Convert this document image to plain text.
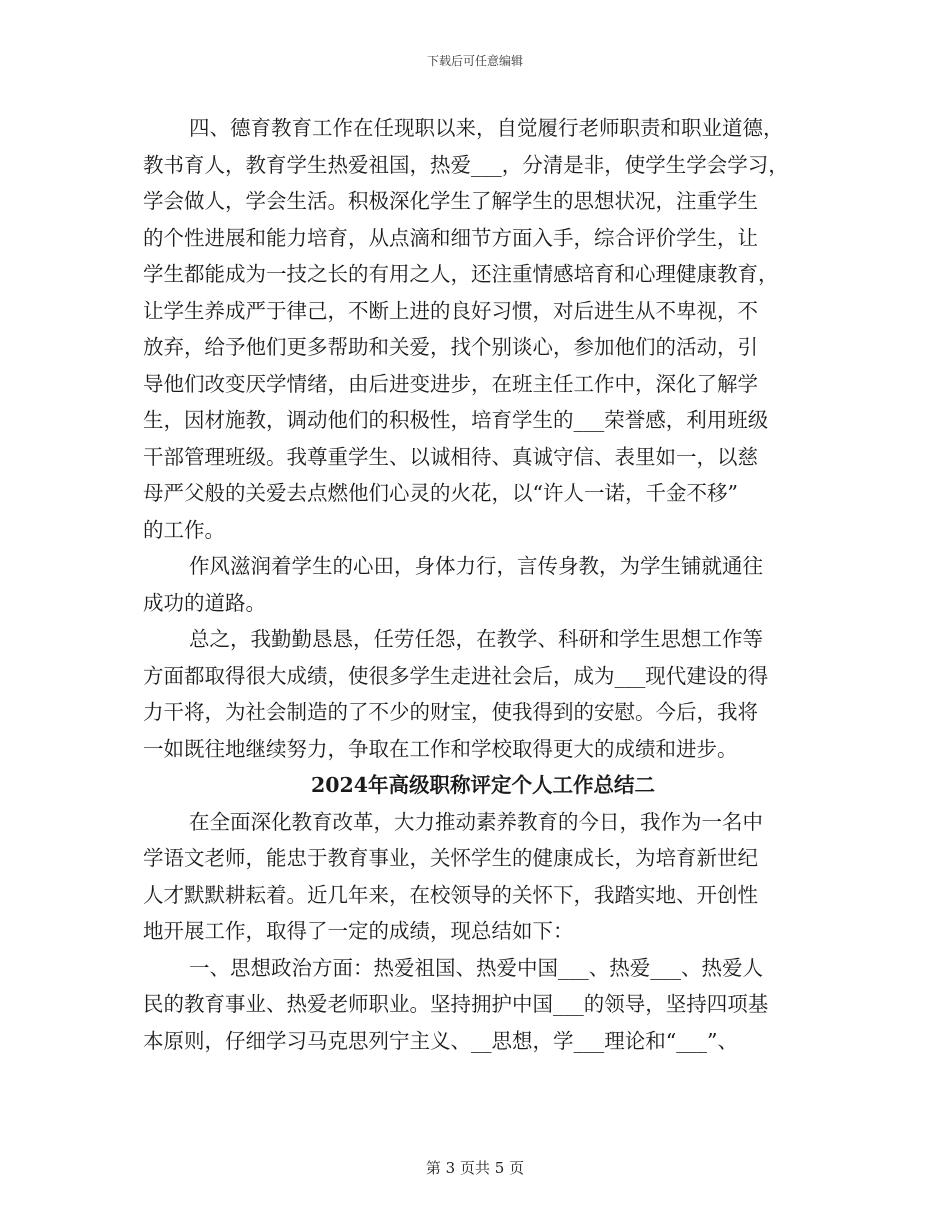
下载后可任意编辑
四、德育教育工作在任现职以来，自觉履行老师职责和职业道德，
教书育人，教育学生热爱祖国，热爱___，分清是非，使学生学会学习，
学会做人，学会生活。积极深化学生了解学生的思想状况，注重学生
的个性进展和能力培育，从点滴和细节方面入手，综合评价学生，让
学生都能成为一技之长的有用之人，还注重情感培育和心理健康教育，
让学生养成严于律己，不断上进的良好习惯，对后进生从不卑视，不
放弃，给予他们更多帮助和关爱，找个别谈心，参加他们的活动，引
导他们改变厌学情绪，由后进变进步，在班主任工作中，深化了解学
生，因材施教，调动他们的积极性，培育学生的___荣誉感，利用班级
干部管理班级。我尊重学生、以诚相待、真诚守信、表里如一，以慈
母严父般的关爱去点燃他们心灵的火花，以“许人一诺，千金不移”
的工作。
作风滋润着学生的心田，身体力行，言传身教，为学生铺就通往
成功的道路。
总之，我勤勤恳恳，任劳任怨，在教学、科研和学生思想工作等
方面都取得很大成绩，使很多学生走进社会后，成为___现代建设的得
力干将，为社会制造的了不少的财宝，使我得到的安慰。今后，我将
一如既往地继续努力，争取在工作和学校取得更大的成绩和进步。
2024年高级职称评定个人工作总结二
在全面深化教育改革，大力推动素养教育的今日，我作为一名中
学语文老师，能忠于教育事业，关怀学生的健康成长，为培育新世纪
人才默默耕耘着。近几年来，在校领导的关怀下，我踏实地、开创性
地开展工作，取得了一定的成绩，现总结如下：
一、思想政治方面：热爱祖国、热爱中国___、热爱___、热爱人
民的教育事业、热爱老师职业。坚持拥护中国___的领导，坚持四项基
本原则，仔细学习马克思列宁主义、__思想，学___理论和“___”、
第 3 页共 5 页
